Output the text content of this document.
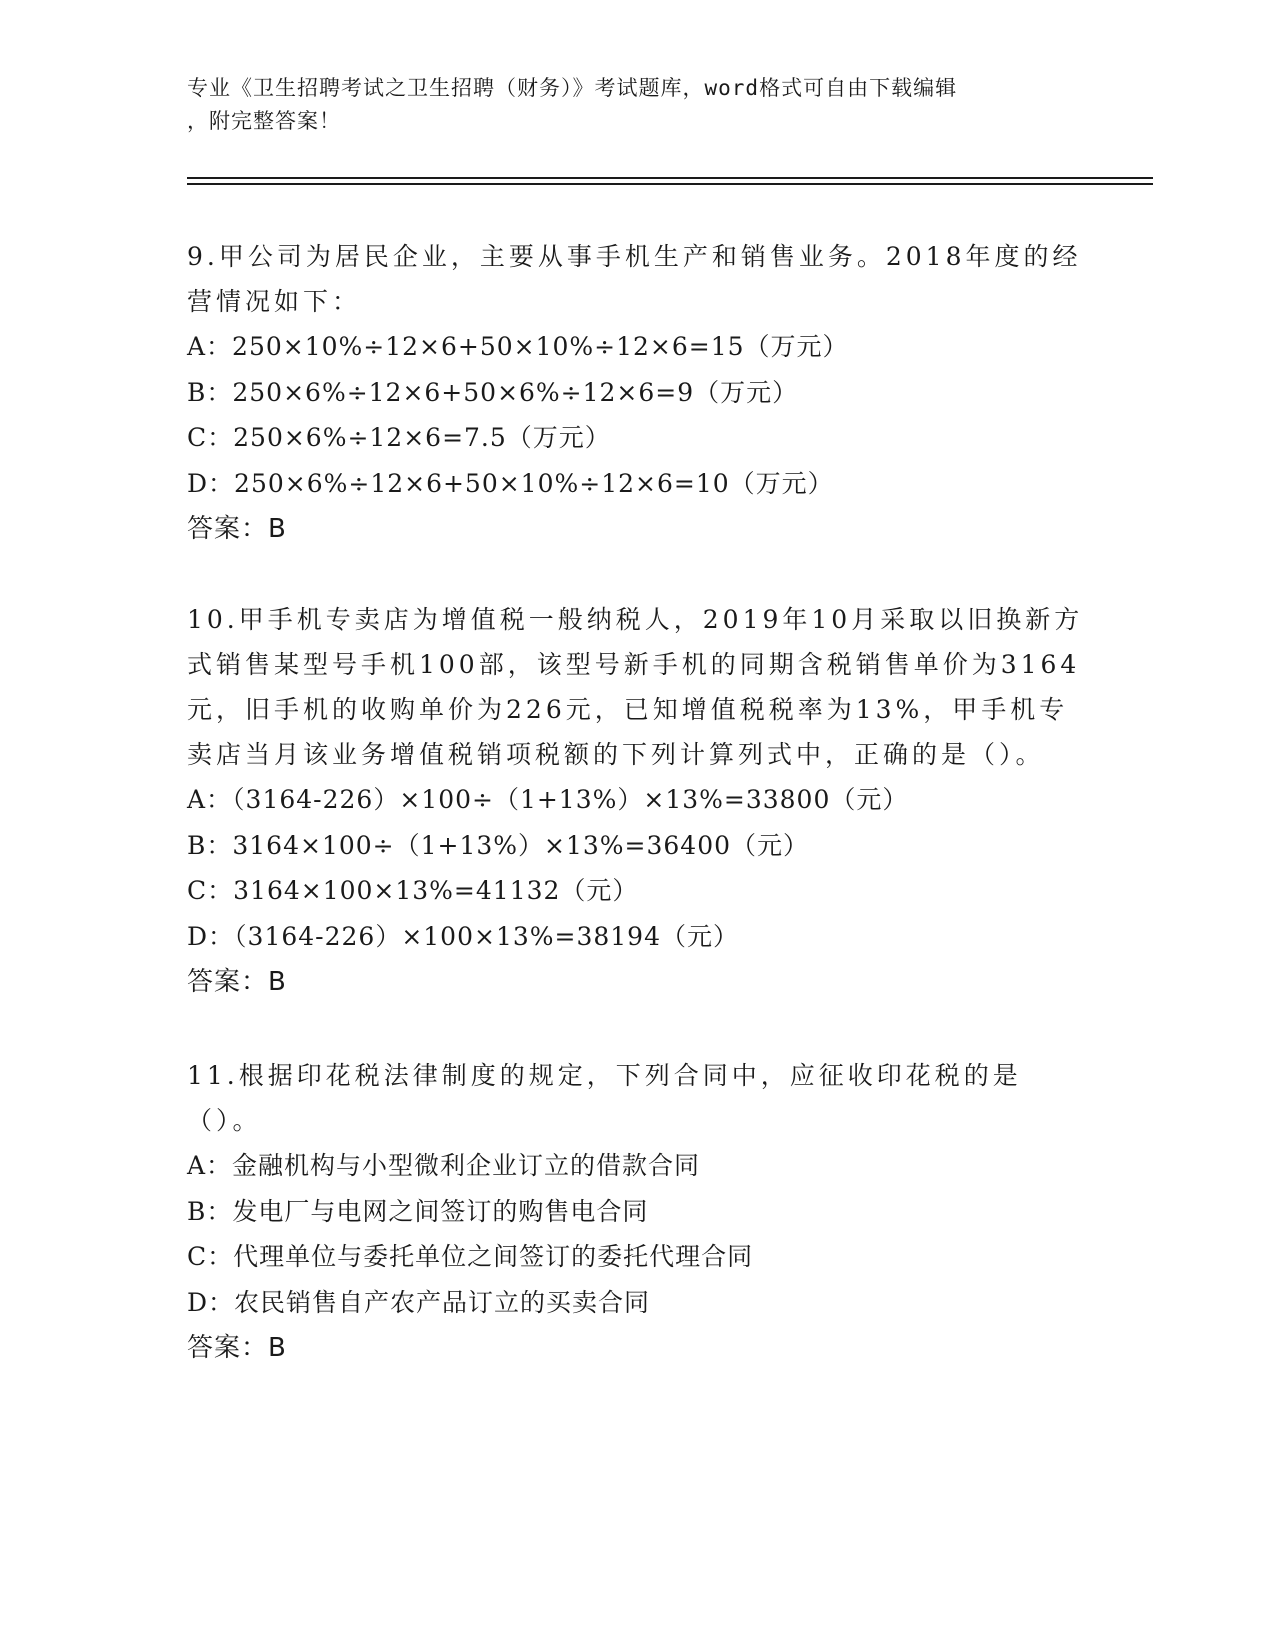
专业《卫生招聘考试之卫生招聘（财务）》考试题库，word格式可自由下载编辑
，附完整答案！
9.甲公司为居民企业，主要从事手机生产和销售业务。2018年度的经营情况如下：
A：250×10%÷12×6+50×10%÷12×6=15（万元）
B：250×6%÷12×6+50×6%÷12×6=9（万元）
C：250×6%÷12×6=7.5（万元）
D：250×6%÷12×6+50×10%÷12×6=10（万元）
答案：B
10.甲手机专卖店为增值税一般纳税人，2019年10月采取以旧换新方式销售某型号手机100部，该型号新手机的同期含税销售单价为3164元，旧手机的收购单价为226元，已知增值税税率为13%，甲手机专卖店当月该业务增值税销项税额的下列计算列式中，正确的是（）。
A：（3164-226）×100÷（1+13%）×13%=33800（元）
B：3164×100÷（1+13%）×13%=36400（元）
C：3164×100×13%=41132（元）
D：（3164-226）×100×13%=38194（元）
答案：B
11.根据印花税法律制度的规定，下列合同中，应征收印花税的是（）。
A：金融机构与小型微利企业订立的借款合同
B：发电厂与电网之间签订的购售电合同
C：代理单位与委托单位之间签订的委托代理合同
D：农民销售自产农产品订立的买卖合同
答案：B
